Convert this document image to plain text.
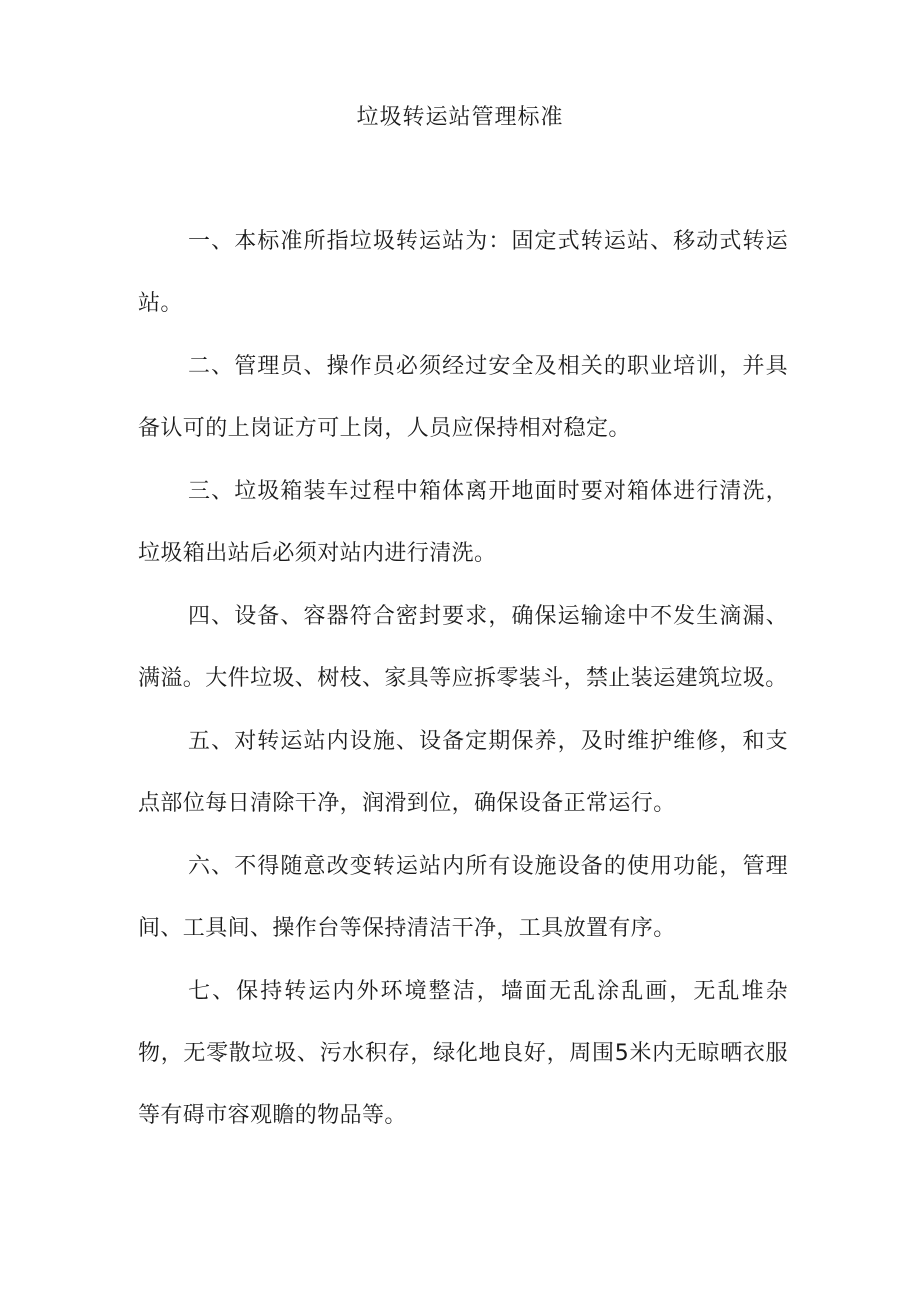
垃圾转运站管理标准

一、本标准所指垃圾转运站为：固定式转运站、移动式转运站。

二、管理员、操作员必须经过安全及相关的职业培训，并具备认可的上岗证方可上岗，人员应保持相对稳定。

三、垃圾箱装车过程中箱体离开地面时要对箱体进行清洗，垃圾箱出站后必须对站内进行清洗。

四、设备、容器符合密封要求，确保运输途中不发生滴漏、满溢。大件垃圾、树枝、家具等应拆零装斗，禁止装运建筑垃圾。

五、对转运站内设施、设备定期保养，及时维护维修，和支点部位每日清除干净，润滑到位，确保设备正常运行。

六、不得随意改变转运站内所有设施设备的使用功能，管理间、工具间、操作台等保持清洁干净，工具放置有序。

七、保持转运内外环境整洁，墙面无乱涂乱画，无乱堆杂物，无零散垃圾、污水积存，绿化地良好，周围5米内无晾晒衣服等有碍市容观瞻的物品等。
